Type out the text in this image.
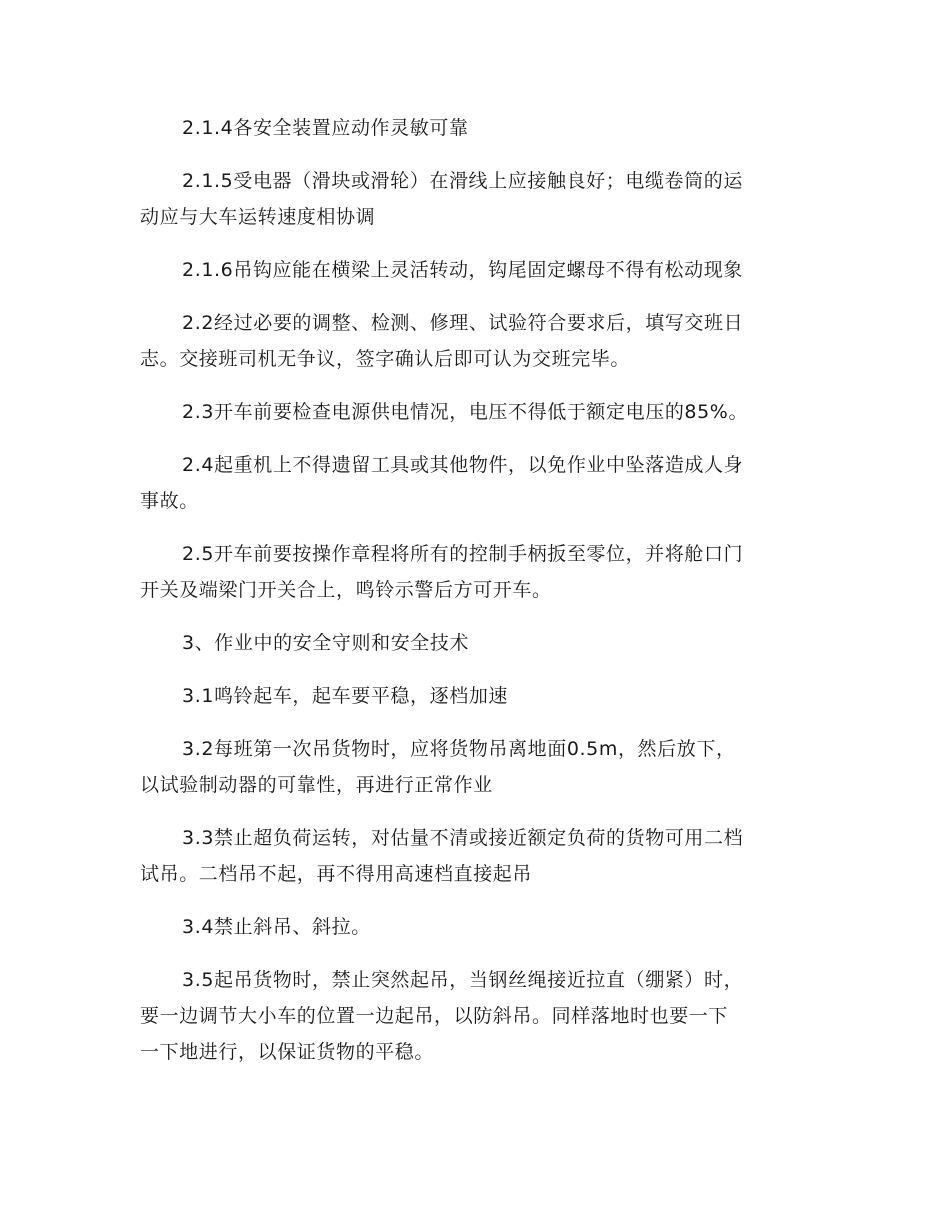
2.1.4各安全装置应动作灵敏可靠

2.1.5受电器（滑块或滑轮）在滑线上应接触良好；电缆卷筒的运
动应与大车运转速度相协调

2.1.6吊钩应能在横梁上灵活转动，钩尾固定螺母不得有松动现象

2.2经过必要的调整、检测、修理、试验符合要求后，填写交班日
志。交接班司机无争议，签字确认后即可认为交班完毕。

2.3开车前要检查电源供电情况，电压不得低于额定电压的85%。

2.4起重机上不得遗留工具或其他物件，以免作业中坠落造成人身
事故。

2.5开车前要按操作章程将所有的控制手柄扳至零位，并将舱口门
开关及端梁门开关合上，鸣铃示警后方可开车。

3、作业中的安全守则和安全技术

3.1鸣铃起车，起车要平稳，逐档加速

3.2每班第一次吊货物时，应将货物吊离地面0.5m，然后放下，
以试验制动器的可靠性，再进行正常作业

3.3禁止超负荷运转，对估量不清或接近额定负荷的货物可用二档
试吊。二档吊不起，再不得用高速档直接起吊

3.4禁止斜吊、斜拉。

3.5起吊货物时，禁止突然起吊，当钢丝绳接近拉直（绷紧）时，
要一边调节大小车的位置一边起吊，以防斜吊。同样落地时也要一下
一下地进行，以保证货物的平稳。
